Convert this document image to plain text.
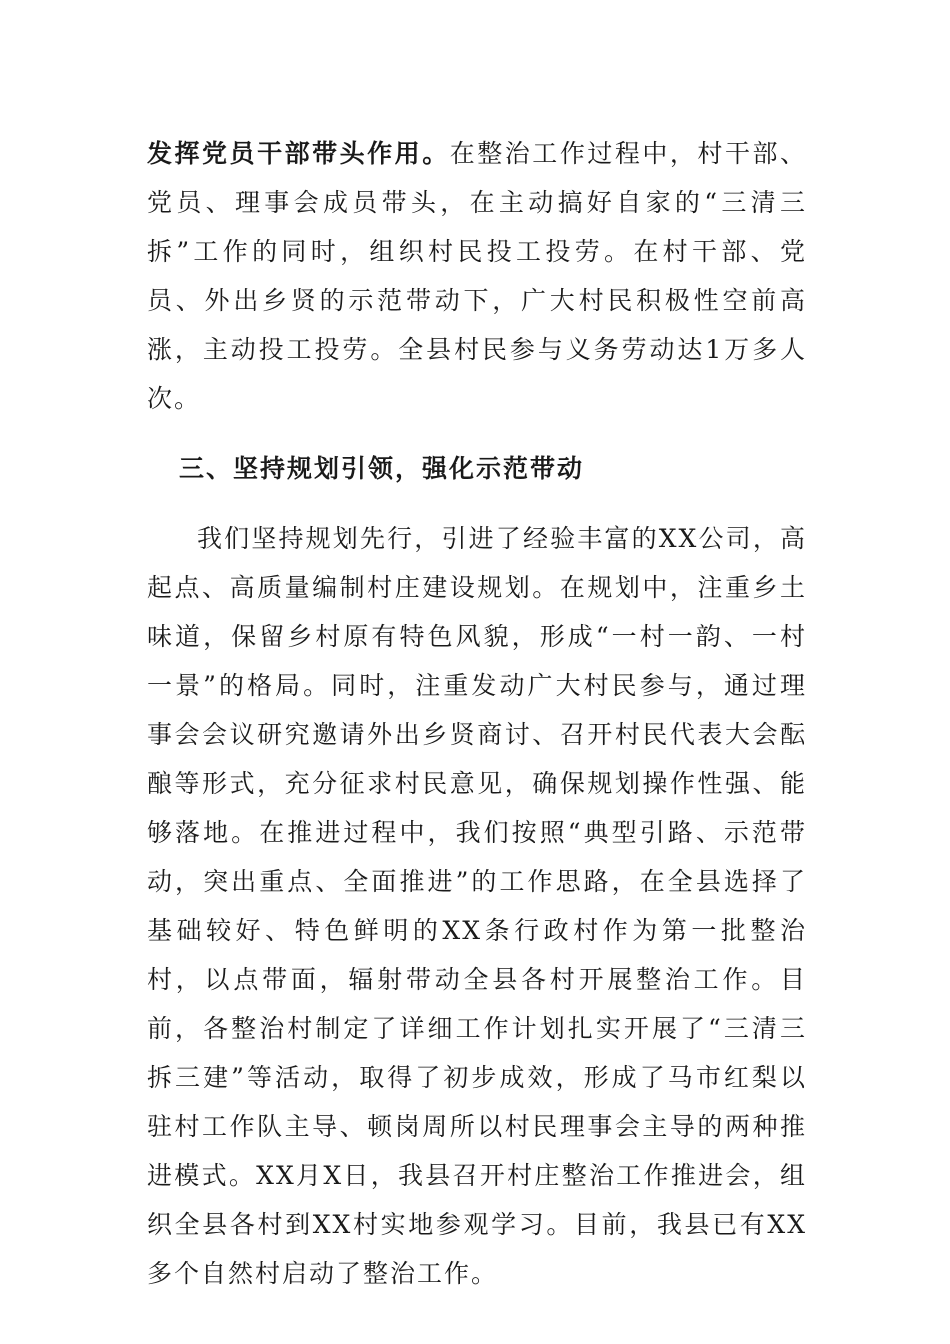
发挥党员干部带头作用。在整治工作过程中，村干部、党员、理事会成员带头，在主动搞好自家的“三清三拆”工作的同时，组织村民投工投劳。在村干部、党员、外出乡贤的示范带动下，广大村民积极性空前高涨，主动投工投劳。全县村民参与义务劳动达1万多人次。

三、坚持规划引领，强化示范带动

我们坚持规划先行，引进了经验丰富的XX公司，高起点、高质量编制村庄建设规划。在规划中，注重乡土味道，保留乡村原有特色风貌，形成“一村一韵、一村一景”的格局。同时，注重发动广大村民参与，通过理事会会议研究邀请外出乡贤商讨、召开村民代表大会酝酿等形式，充分征求村民意见，确保规划操作性强、能够落地。在推进过程中，我们按照“典型引路、示范带动，突出重点、全面推进”的工作思路，在全县选择了基础较好、特色鲜明的XX条行政村作为第一批整治村，以点带面，辐射带动全县各村开展整治工作。目前，各整治村制定了详细工作计划扎实开展了“三清三拆三建”等活动，取得了初步成效，形成了马市红梨以驻村工作队主导、顿岗周所以村民理事会主导的两种推进模式。XX月X日，我县召开村庄整治工作推进会，组织全县各村到XX村实地参观学习。目前，我县已有XX多个自然村启动了整治工作。
